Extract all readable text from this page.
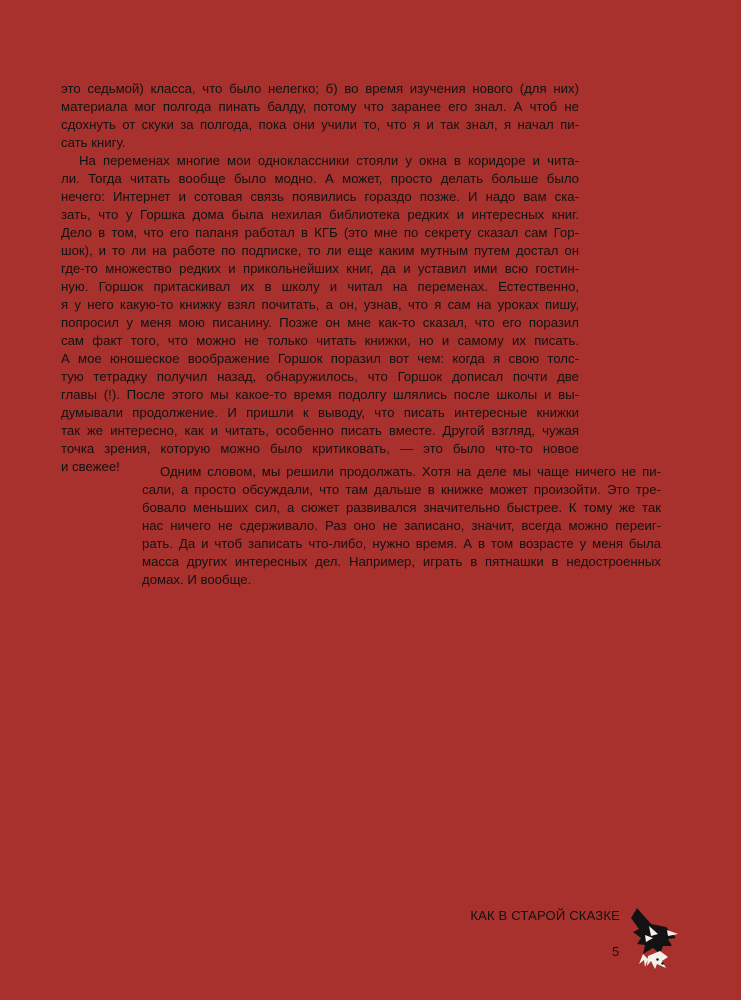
это седьмой) класса, что было нелегко; б) во время изучения нового (для них)
материала мог полгода пинать балду, потому что заранее его знал. А чтоб не
сдохнуть от скуки за полгода, пока они учили то, что я и так знал, я начал пи-
сать книгу.
На переменах многие мои одноклассники стояли у окна в коридоре и чита-
ли. Тогда читать вообще было модно. А может, просто делать больше было
нечего: Интернет и сотовая связь появились гораздо позже. И надо вам ска-
зать, что у Горшка дома была нехилая библиотека редких и интересных книг.
Дело в том, что его папаня работал в КГБ (это мне по секрету сказал сам Гор-
шок), и то ли на работе по подписке, то ли еще каким мутным путем достал он
где-то множество редких и прикольнейших книг, да и уставил ими всю гостин-
ную. Горшок притаскивал их в школу и читал на переменах. Естественно,
я у него какую-то книжку взял почитать, а он, узнав, что я сам на уроках пишу,
попросил у меня мою писанину. Позже он мне как-то сказал, что его поразил
сам факт того, что можно не только читать книжки, но и самому их писать.
А мое юношеское воображение Горшок поразил вот чем: когда я свою толс-
тую тетрадку получил назад, обнаружилось, что Горшок дописал почти две
главы (!). После этого мы какое-то время подолгу шлялись после школы и вы-
думывали продолжение. И пришли к выводу, что писать интересные книжки
так же интересно, как и читать, особенно писать вместе. Другой взгляд, чужая
точка зрения, которую можно было критиковать, — это было что-то новое
и свежее!	Одним словом, мы решили продолжать. Хотя на деле мы чаще ничего не пи-
сали, а просто обсуждали, что там дальше в книжке может произойти. Это тре-
бовало меньших сил, а сюжет развивался значительно быстрее. К тому же так
нас ничего не сдерживало. Раз оно не записано, значит, всегда можно переиг-
рать. Да и чтоб записать что-либо, нужно время. А в том возрасте у меня была
масса других интересных дел. Например, играть в пятнашки в недостроенных
домах. И вообще.
КАК В СТАРОЙ СКАЗКЕ
5
